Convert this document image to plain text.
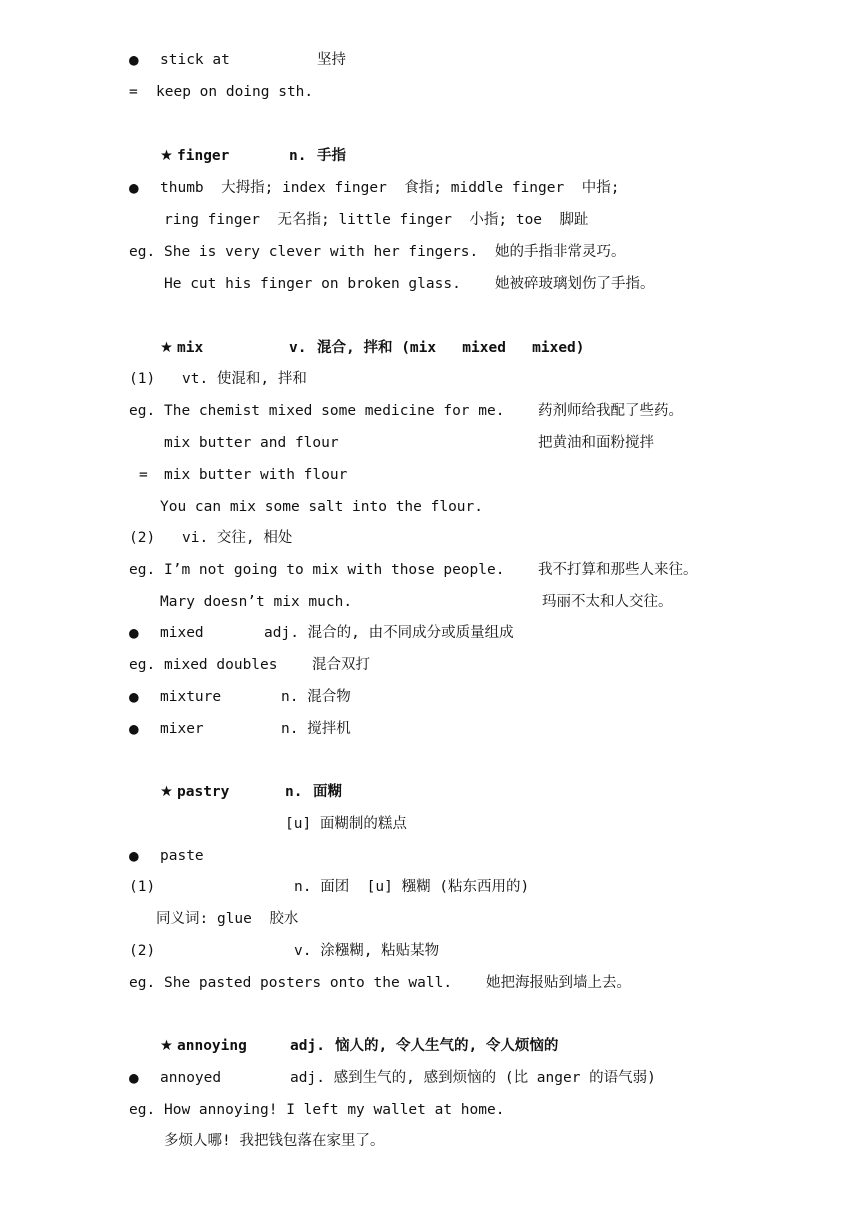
● stick at	坚持
= keep on doing sth.
★ finger	n. 手指
● thumb  大拇指; index finger  食指; middle finger  中指;
ring finger  无名指; little finger  小指; toe  脚趾
eg. She is very clever with her fingers. 她的手指非常灵巧。
He cut his finger on broken glass. 她被碎玻璃划伤了手指。
★ mix	v. 混合, 拌和 (mix   mixed   mixed)
(1) vt. 使混和, 拌和
eg. The chemist mixed some medicine for me. 药剂师给我配了些药。
mix butter and flour	把黄油和面粉搅拌
= mix butter with flour
You can mix some salt into the flour.
(2) vi. 交往, 相处
eg. I’m not going to mix with those people. 我不打算和那些人来往。
Mary doesn’t mix much.	玛丽不太和人交往。
● mixed	adj. 混合的, 由不同成分或质量组成
eg. mixed doubles 混合双打
● mixture	n. 混合物
● mixer	n. 搅拌机
★ pastry	n. 面糊
[u] 面糊制的糕点
● paste
(1)	n. 面团  [u] 糨糊 (粘东西用的)
同义词: glue  胶水
(2)	v. 涂糨糊, 粘贴某物
eg. She pasted posters onto the wall. 她把海报贴到墙上去。
★ annoying	adj. 恼人的, 令人生气的, 令人烦恼的
● annoyed	adj. 感到生气的, 感到烦恼的 (比 anger 的语气弱)
eg. How annoying! I left my wallet at home.
多烦人哪! 我把钱包落在家里了。
